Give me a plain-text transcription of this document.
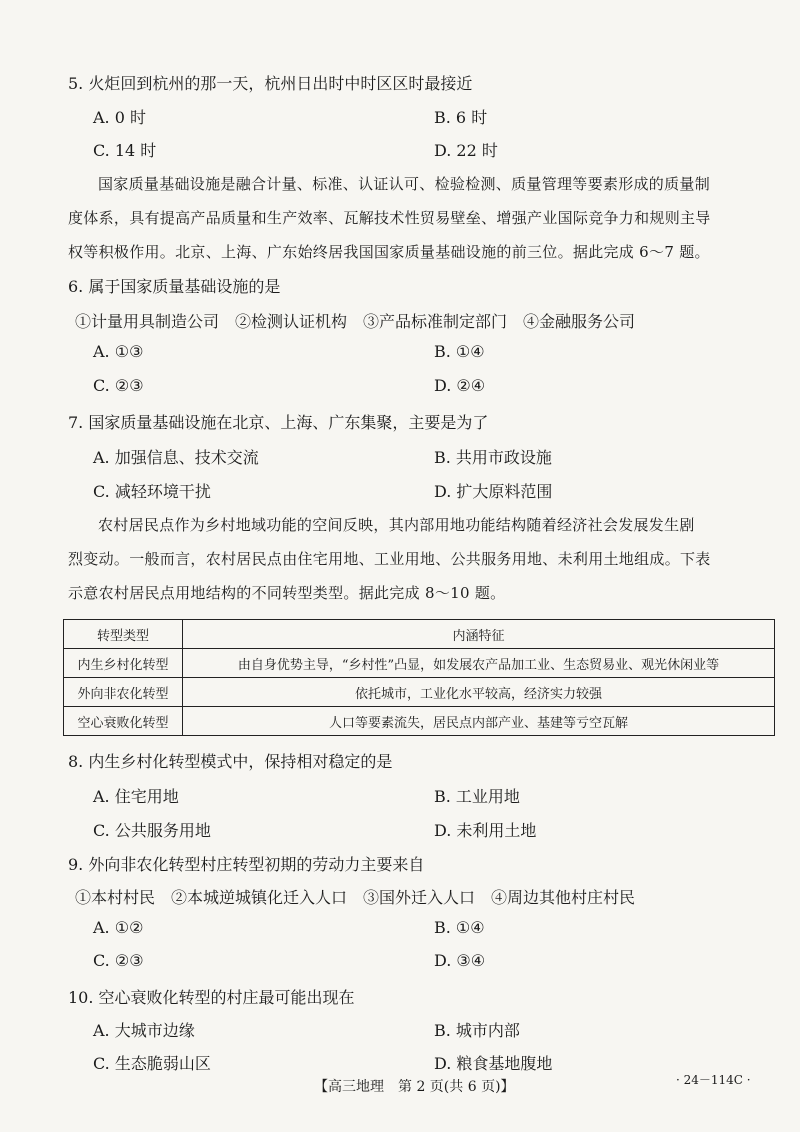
5. 火炬回到杭州的那一天，杭州日出时中时区区时最接近
A. 0 时	B. 6 时
C. 14 时	D. 22 时
国家质量基础设施是融合计量、标准、认证认可、检验检测、质量管理等要素形成的质量制
度体系，具有提高产品质量和生产效率、瓦解技术性贸易壁垒、增强产业国际竞争力和规则主导
权等积极作用。北京、上海、广东始终居我国国家质量基础设施的前三位。据此完成 6～7 题。
6. 属于国家质量基础设施的是
①计量用具制造公司　②检测认证机构　③产品标准制定部门　④金融服务公司
A. ①③	B. ①④
C. ②③	D. ②④
7. 国家质量基础设施在北京、上海、广东集聚，主要是为了
A. 加强信息、技术交流	B. 共用市政设施
C. 减轻环境干扰	D. 扩大原料范围
农村居民点作为乡村地域功能的空间反映，其内部用地功能结构随着经济社会发展发生剧
烈变动。一般而言，农村居民点由住宅用地、工业用地、公共服务用地、未利用土地组成。下表
示意农村居民点用地结构的不同转型类型。据此完成 8～10 题。
转型类型	内涵特征
内生乡村化转型	由自身优势主导，“乡村性”凸显，如发展农产品加工业、生态贸易业、观光休闲业等
外向非农化转型	依托城市，工业化水平较高，经济实力较强
空心衰败化转型	人口等要素流失，居民点内部产业、基建等亏空瓦解
8. 内生乡村化转型模式中，保持相对稳定的是
A. 住宅用地	B. 工业用地
C. 公共服务用地	D. 未利用土地
9. 外向非农化转型村庄转型初期的劳动力主要来自
①本村村民　②本城逆城镇化迁入人口　③国外迁入人口　④周边其他村庄村民
A. ①②	B. ①④
C. ②③	D. ③④
10. 空心衰败化转型的村庄最可能出现在
A. 大城市边缘	B. 城市内部
C. 生态脆弱山区	D. 粮食基地腹地
【高三地理　第 2 页(共 6 页)】	· 24－114C ·
